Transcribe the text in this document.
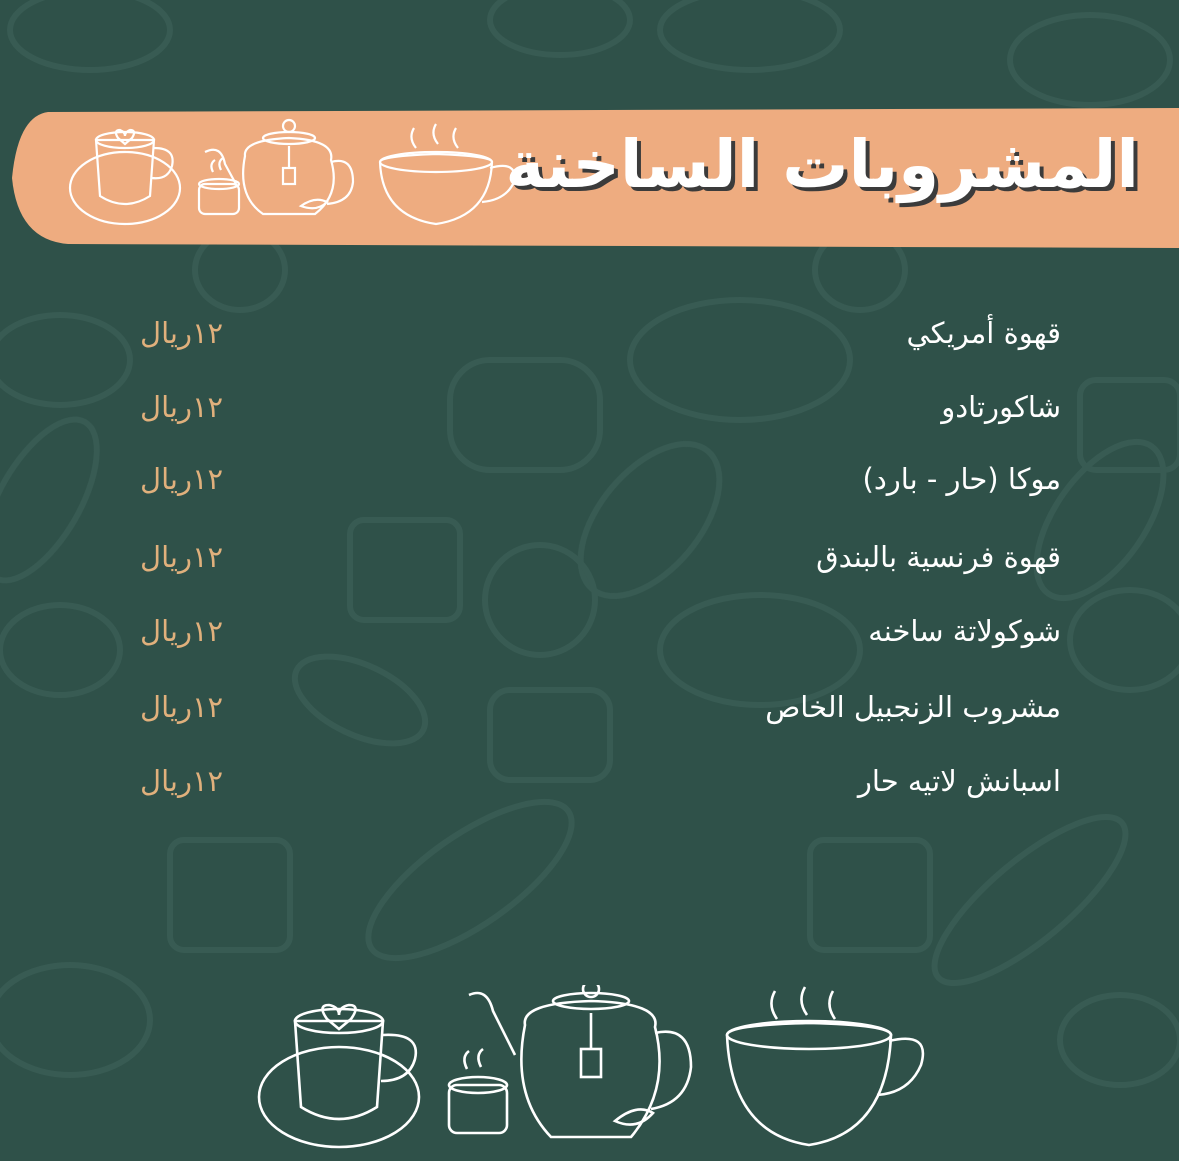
المشروبات الساخنة
قهوة أمريكي
١٢ريال
شاكورتادو
١٢ريال
موكا (حار - بارد)
١٢ريال
قهوة فرنسية بالبندق
١٢ريال
شوكولاتة ساخنه
١٢ريال
مشروب الزنجبيل الخاص
١٢ريال
اسبانش لاتيه حار
١٢ريال
